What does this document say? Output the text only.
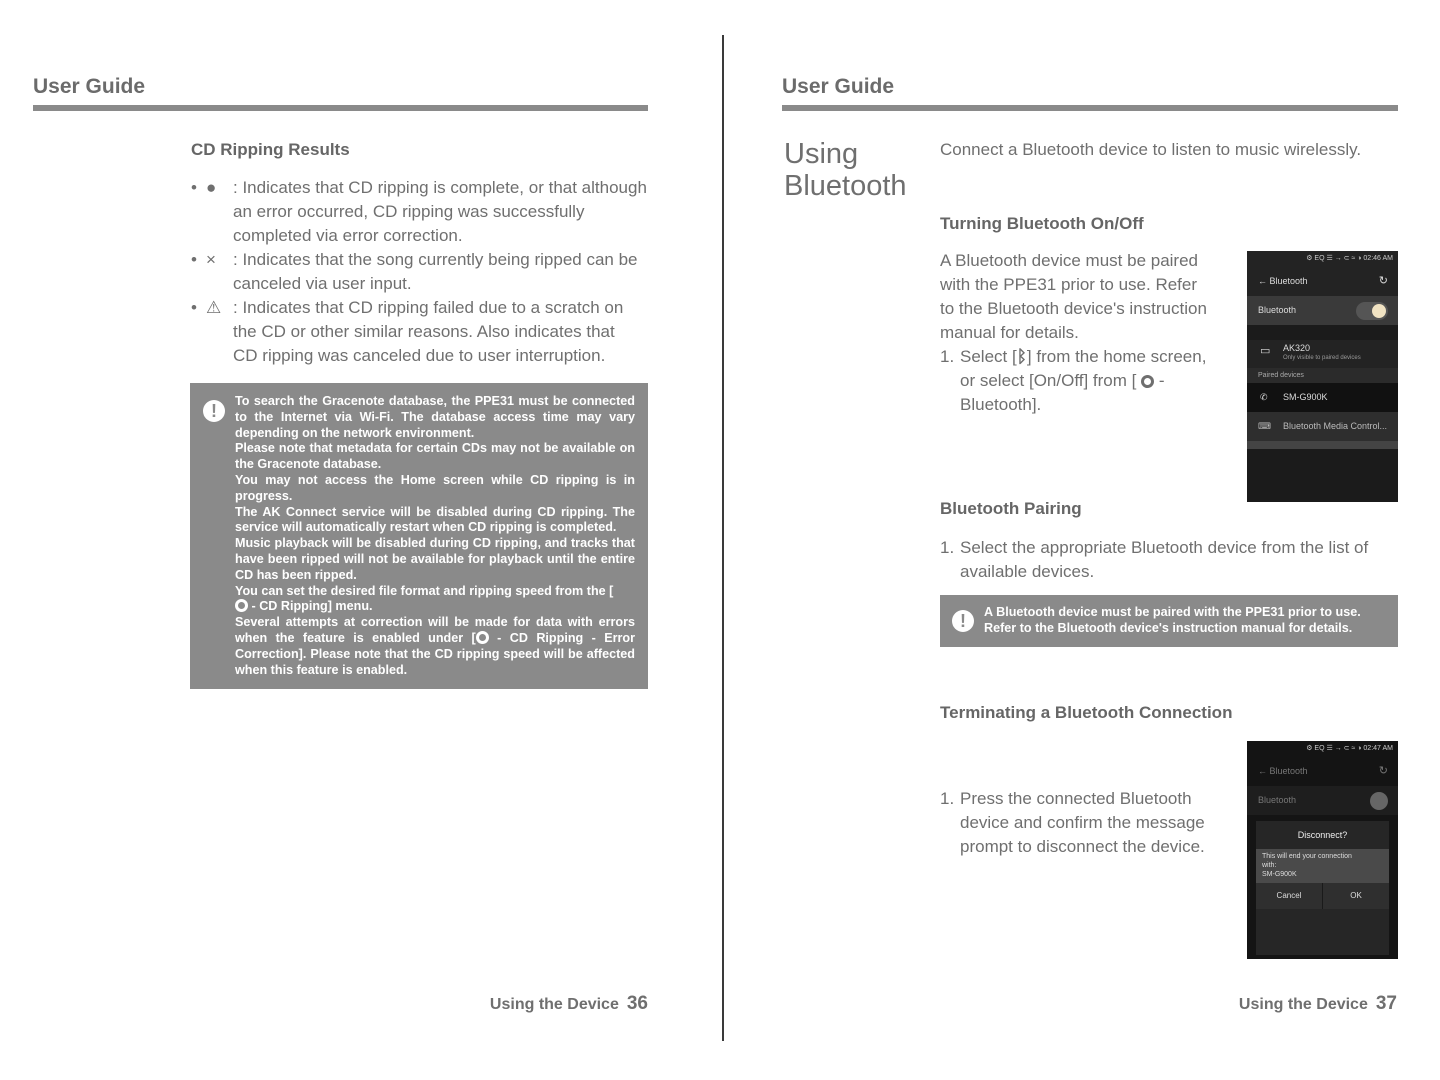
User Guide
CD Ripping Results
• ● : Indicates that CD ripping is complete, or that although
an error occurred, CD ripping was successfully
completed via error correction.
• × : Indicates that the song currently being ripped can be
canceled via user input.
• ⚠ : Indicates that CD ripping failed due to a scratch on
the CD or other similar reasons. Also indicates that
CD ripping was canceled due to user interruption.
!	To search the Gracenote database, the PPE31 must be connected to the Internet via Wi-Fi. The database access time may vary depending on the network environment.
Please note that metadata for certain CDs may not be available on the Gracenote database.
You may not access the Home screen while CD ripping is in progress.
The AK Connect service will be disabled during CD ripping. The service will automatically restart when CD ripping is completed.
Music playback will be disabled during CD ripping, and tracks that have been ripped will not be available for playback until the entire CD has been ripped.
You can set the desired file format and ripping speed from the [
- CD Ripping] menu.
Several attempts at correction will be made for data with errors when the feature is enabled under [ - CD Ripping - Error Correction]. Please note that the CD ripping speed will be affected when this feature is enabled.
Using the Device 36
User Guide
Using
Bluetooth
Connect a Bluetooth device to listen to music wirelessly.
Turning Bluetooth On/Off
A Bluetooth device must be paired
with the PPE31 prior to use. Refer
to the Bluetooth device's instruction
manual for details.
1. Select [ᛒ] from the home screen,
or select [On/Off] from [  -
Bluetooth].
⚙ EQ ☰ → ⊂ ≈ ◑ 02:46 AM
← Bluetooth	↻
Bluetooth
▭ AK320
Only visible to paired devices
Paired devices
✆ SM-G900K
⌨ Bluetooth Media Control...
Bluetooth Pairing
1. Select the appropriate Bluetooth device from the list of
available devices.
!	A Bluetooth device must be paired with the PPE31 prior to use.
Refer to the Bluetooth device's instruction manual for details.
Terminating a Bluetooth Connection
1. Press the connected Bluetooth
device and confirm the message
prompt to disconnect the device.
⚙ EQ ☰ → ⊂ ≈ ◑ 02:47 AM
← Bluetooth	↻
Bluetooth
Disconnect?
This will end your connection
with:
SM-G900K
Cancel	OK
Using the Device 37
